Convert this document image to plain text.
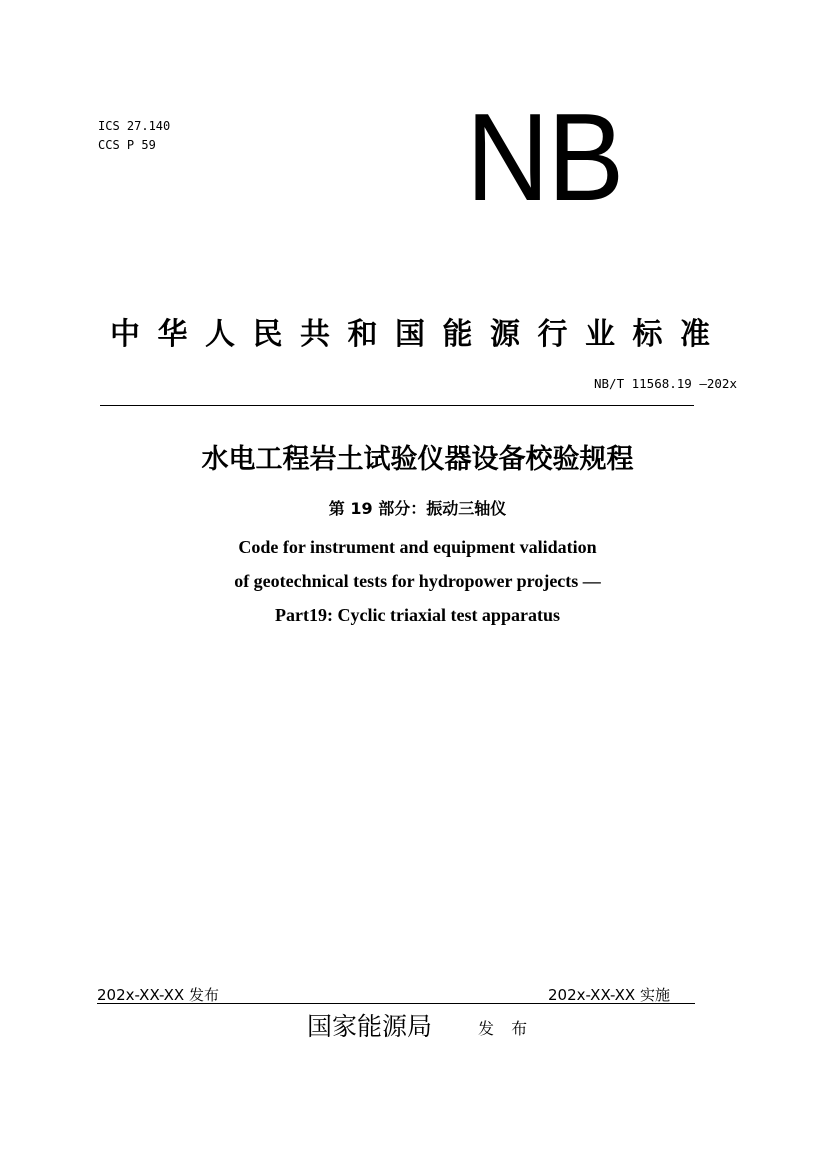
ICS 27.140
CCS P 59	NB
中华人民共和国能源行业标准
NB/T 11568.19 —202x
水电工程岩土试验仪器设备校验规程
第 19 部分：振动三轴仪
Code for instrument and equipment validation
of geotechnical tests for hydropower projects —
Part19: Cyclic triaxial test apparatus
202x-XX-XX 发布	202x-XX-XX 实施
国家能源局	发 布
